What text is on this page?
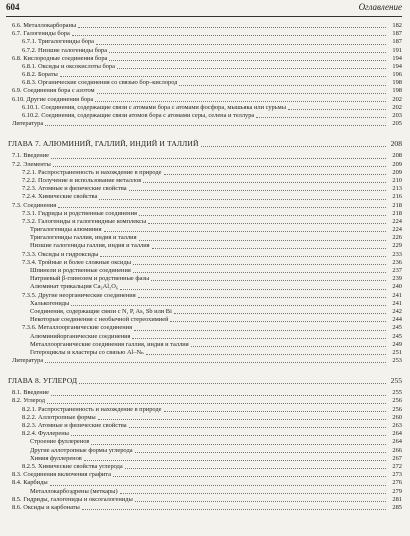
604	Оглавление
6.6. Металлокарбораны	182
6.7. Галогениды бора	187
6.7.1. Тригалогениды бора	187
6.7.2. Низшие галогениды бора	191
6.8. Кислородные соединения бора	194
6.8.1. Оксиды и оксокислоты бора	194
6.8.2. Бораты	196
6.8.3. Органические соединения со связью бор–кислород	198
6.9. Соединения бора с азотом	198
6.10. Другие соединения бора	202
6.10.1. Соединения, содержащие связи с атомами бора с атомами фосфора, мышьяка или сурьмы	202
6.10.2. Соединения, содержащие связи атомов бора с атомами серы, селена и теллура	203
Литература	205
ГЛАВА 7. АЛЮМИНИЙ, ГАЛЛИЙ, ИНДИЙ И ТАЛЛИЙ	208
7.1. Введение	208
7.2. Элементы	209
7.2.1. Распространенность и нахождение в природе	209
7.2.2. Получение и использование металлов	210
7.2.3. Атомные и физические свойства	213
7.2.4. Химические свойства	216
7.3. Соединения	218
7.3.1. Гидриды и родственные соединения	218
7.3.2. Галогениды и галогенидные комплексы	224
Тригалогениды алюминия	224
Тригалогениды галлия, индия и таллия	226
Низшие галогениды галлия, индия и таллия	229
7.3.3. Оксиды и гидроксиды	233
7.3.4. Тройные и более сложные оксиды	236
Шпинели и родственные соединения	237
Натриевый β-глинозем и родственные фазы	239
Алюминат трикальция Ca₃Al₂O₆	240
7.3.5. Другие неорганические соединения	241
Халькогениды	241
Соединения, содержащие связи с N, P, As, Sb или Bi	242
Некоторые соединения с необычной стереохимией	244
7.3.6. Металлоорганические соединения	245
Алюминийорганические соединения	245
Металлоорганические соединения галлия, индия и таллия	249
Гетероциклы и кластеры со связью Al–Nₙ	251
Литература	253
ГЛАВА 8. УГЛЕРОД	255
8.1. Введение	255
8.2. Углерод	256
8.2.1. Распространенность и нахождение в природе	256
8.2.2. Аллотропные формы	260
8.2.3. Атомные и физические свойства	263
8.2.4. Фуллерены	264
Строение фуллеренов	264
Другие аллотропные формы углерода	266
Химия фуллеренов	267
8.2.5. Химические свойства углерода	272
8.3. Соединения включения графита	273
8.4. Карбиды	276
Металлокарбоэдрены (меткары)	279
8.5. Гидриды, галогениды и оксогалогениды	281
8.6. Оксиды и карбонаты	285
